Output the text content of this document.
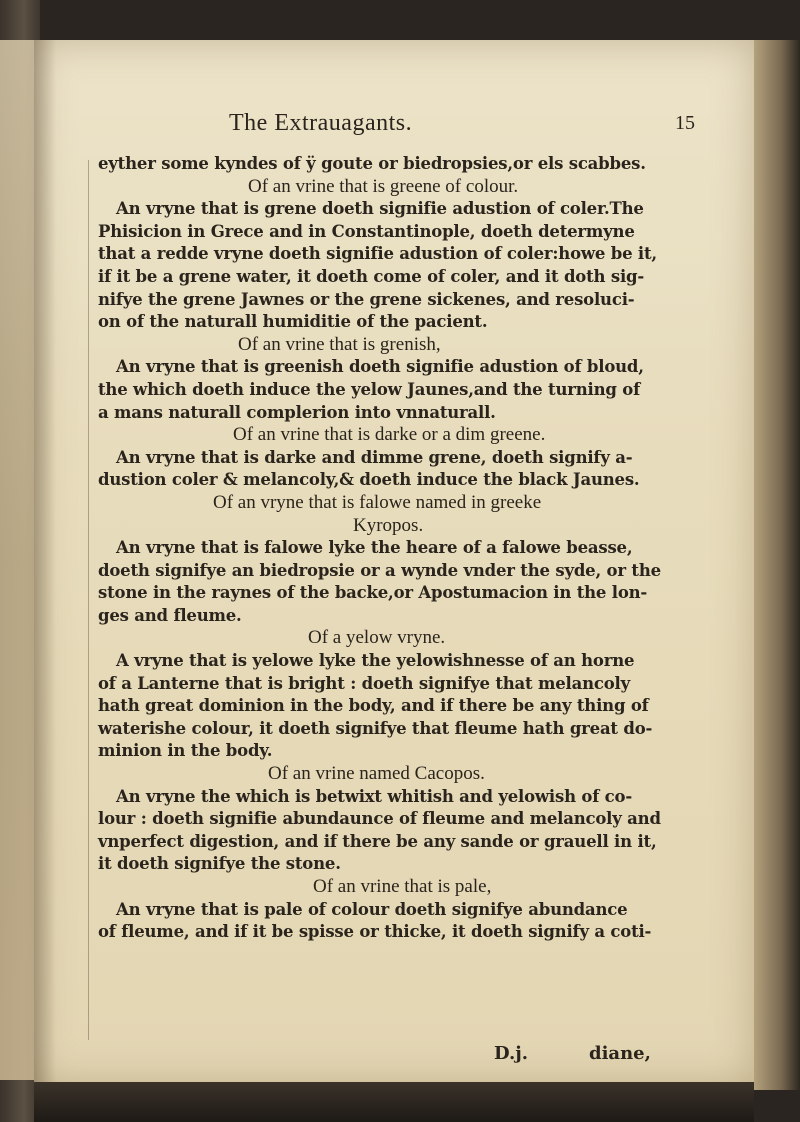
The Extrauagants.	15
eyther some kyndes of ÿ goute or biedropsies,or els scabbes.
Of an vrine that is greene of colour.
An vryne that is grene doeth signifie adustion of coler.The
Phisicion in Grece and in Constantinople, doeth determyne
that a redde vryne doeth signifie adustion of coler:howe be it,
if it be a grene water, it doeth come of coler, and it doth sig-
nifye the grene Jawnes or the grene sickenes, and resoluci-
on of the naturall humiditie of the pacient.
Of an vrine that is grenish,
An vryne that is greenish doeth signifie adustion of bloud,
the which doeth induce the yelow Jaunes,and the turning of
a mans naturall complerion into vnnaturall.
Of an vrine that is darke or a dim greene.
An vryne that is darke and dimme grene, doeth signify a-
dustion coler & melancoly,& doeth induce the black Jaunes.
Of an vryne that is falowe named in greeke
Kyropos.
An vryne that is falowe lyke the heare of a falowe beasse,
doeth signifye an biedropsie or a wynde vnder the syde, or the
stone in the raynes of the backe,or Apostumacion in the lon-
ges and fleume.
Of a yelow vryne.
A vryne that is yelowe lyke the yelowishnesse of an horne
of a Lanterne that is bright : doeth signifye that melancoly
hath great dominion in the body, and if there be any thing of
waterishe colour, it doeth signifye that fleume hath great do-
minion in the body.
Of an vrine named Cacopos.
An vryne the which is betwixt whitish and yelowish of co-
lour : doeth signifie abundaunce of fleume and melancoly and
vnperfect digestion, and if there be any sande or grauell in it,
it doeth signifye the stone.
Of an vrine that is pale,
An vryne that is pale of colour doeth signifye abundance
of fleume, and if it be spisse or thicke, it doeth signify a coti-
D.j.	diane,
